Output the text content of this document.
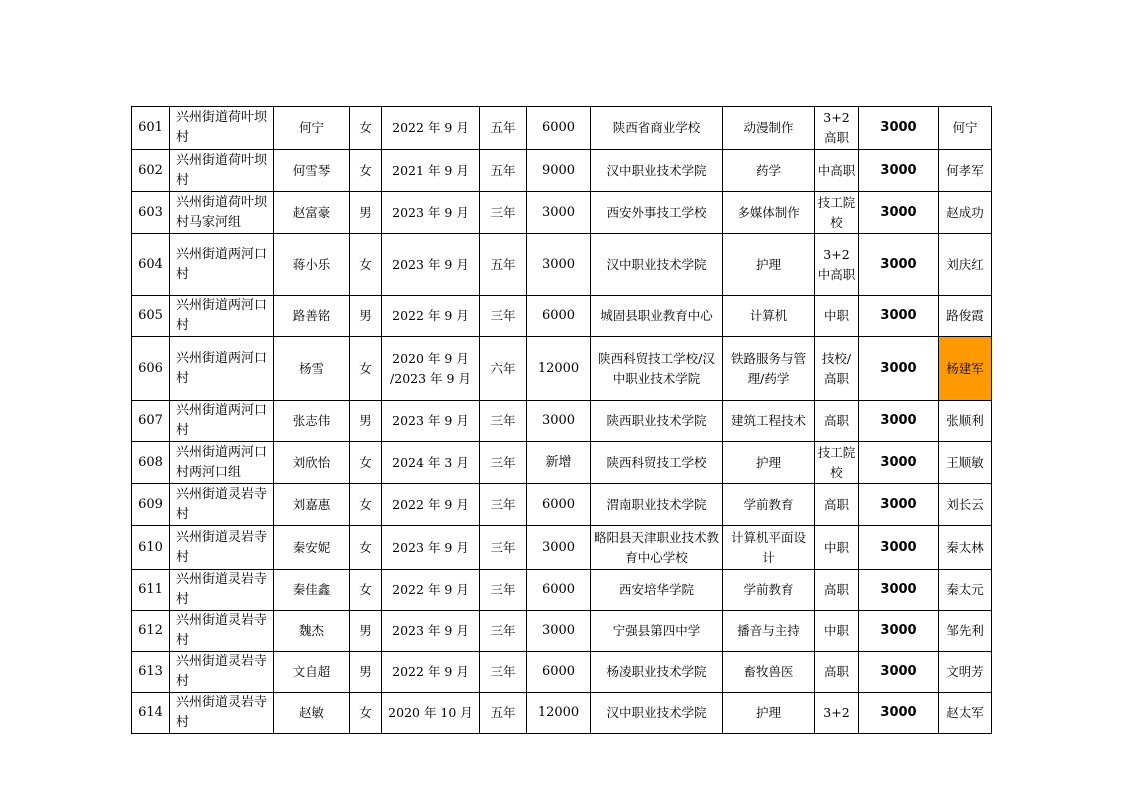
601	兴州街道荷叶坝村	何宁	女	2022 年 9 月	五年	6000	陕西省商业学校	动漫制作	3+2 高职	3000	何宁
602	兴州街道荷叶坝村	何雪琴	女	2021 年 9 月	五年	9000	汉中职业技术学院	药学	中高职	3000	何孝军
603	兴州街道荷叶坝村马家河组	赵富豪	男	2023 年 9 月	三年	3000	西安外事技工学校	多媒体制作	技工院校	3000	赵成功
604	兴州街道两河口村	蒋小乐	女	2023 年 9 月	五年	3000	汉中职业技术学院	护理	3+2 中高职	3000	刘庆红
605	兴州街道两河口村	路善铭	男	2022 年 9 月	三年	6000	城固县职业教育中心	计算机	中职	3000	路俊霞
606	兴州街道两河口村	杨雪	女	2020 年 9 月 /2023 年 9 月	六年	12000	陕西科贸技工学校/汉中职业技术学院	铁路服务与管理/药学	技校/高职	3000	杨建军
607	兴州街道两河口村	张志伟	男	2023 年 9 月	三年	3000	陕西职业技术学院	建筑工程技术	高职	3000	张顺利
608	兴州街道两河口村两河口组	刘欣怡	女	2024 年 3 月	三年	新增	陕西科贸技工学校	护理	技工院校	3000	王顺敏
609	兴州街道灵岩寺村	刘嘉惠	女	2022 年 9 月	三年	6000	渭南职业技术学院	学前教育	高职	3000	刘长云
610	兴州街道灵岩寺村	秦安妮	女	2023 年 9 月	三年	3000	略阳县天津职业技术教育中心学校	计算机平面设计	中职	3000	秦太林
611	兴州街道灵岩寺村	秦佳鑫	女	2022 年 9 月	三年	6000	西安培华学院	学前教育	高职	3000	秦太元
612	兴州街道灵岩寺村	魏杰	男	2023 年 9 月	三年	3000	宁强县第四中学	播音与主持	中职	3000	邹先利
613	兴州街道灵岩寺村	文自超	男	2022 年 9 月	三年	6000	杨凌职业技术学院	畜牧兽医	高职	3000	文明芳
614	兴州街道灵岩寺村	赵敏	女	2020 年 10 月	五年	12000	汉中职业技术学院	护理	3+2	3000	赵太军
